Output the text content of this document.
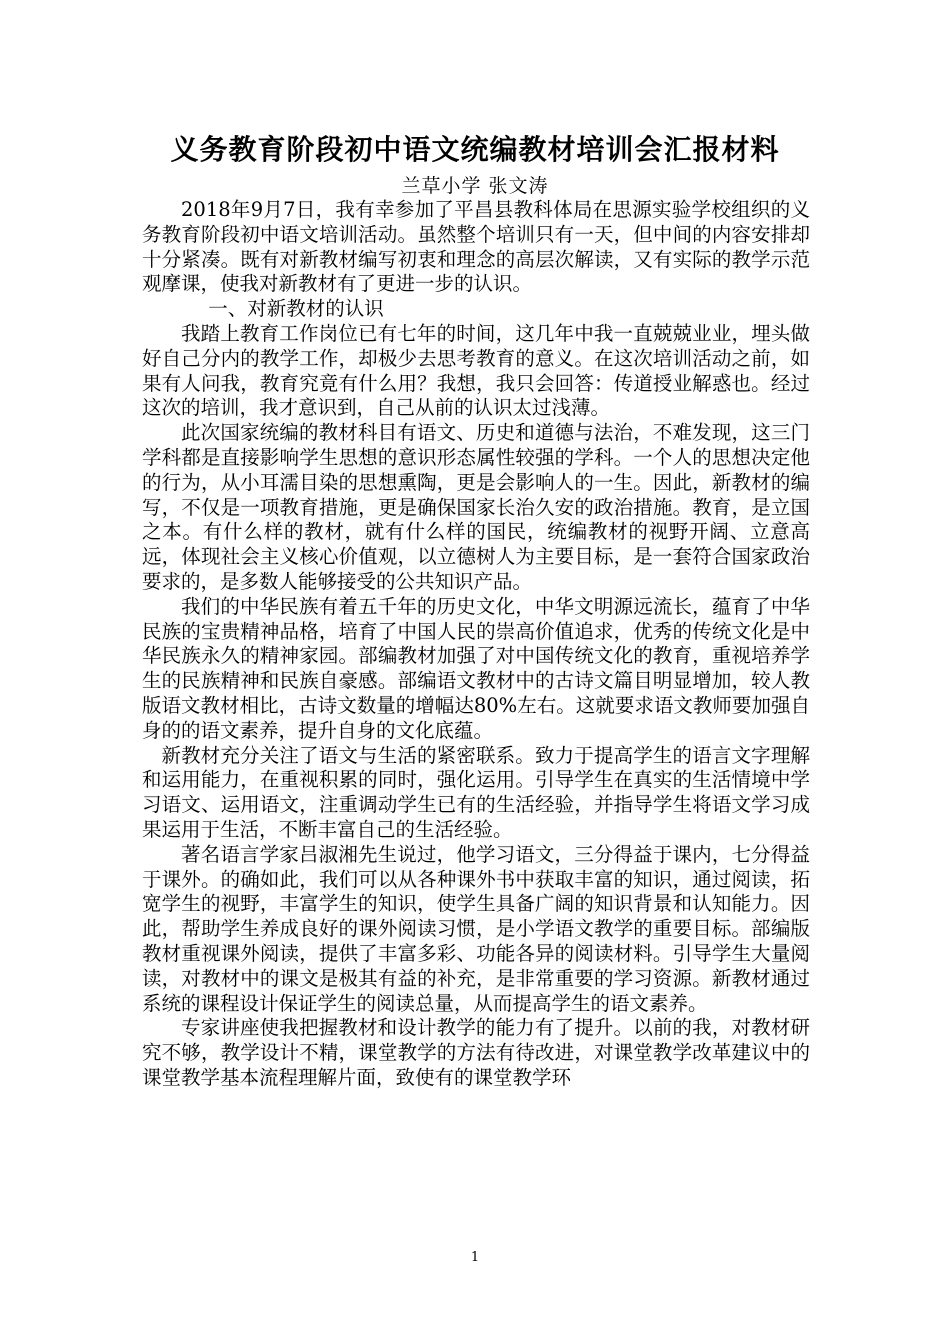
义务教育阶段初中语文统编教材培训会汇报材料
兰草小学 张文涛

2018年9月7日，我有幸参加了平昌县教科体局在思源实验学校组织的义务教育阶段初中语文培训活动。虽然整个培训只有一天，但中间的内容安排却十分紧凑。既有对新教材编写初衷和理念的高层次解读，又有实际的教学示范观摩课，使我对新教材有了更进一步的认识。

一、对新教材的认识

我踏上教育工作岗位已有七年的时间，这几年中我一直兢兢业业，埋头做好自己分内的教学工作，却极少去思考教育的意义。在这次培训活动之前，如果有人问我，教育究竟有什么用？我想，我只会回答：传道授业解惑也。经过这次的培训，我才意识到，自己从前的认识太过浅薄。

此次国家统编的教材科目有语文、历史和道德与法治，不难发现，这三门学科都是直接影响学生思想的意识形态属性较强的学科。一个人的思想决定他的行为，从小耳濡目染的思想熏陶，更是会影响人的一生。因此，新教材的编写，不仅是一项教育措施，更是确保国家长治久安的政治措施。教育，是立国之本。有什么样的教材，就有什么样的国民，统编教材的视野开阔、立意高远，体现社会主义核心价值观，以立德树人为主要目标，是一套符合国家政治要求的，是多数人能够接受的公共知识产品。

我们的中华民族有着五千年的历史文化，中华文明源远流长，蕴育了中华民族的宝贵精神品格，培育了中国人民的崇高价值追求，优秀的传统文化是中华民族永久的精神家园。部编教材加强了对中国传统文化的教育，重视培养学生的民族精神和民族自豪感。部编语文教材中的古诗文篇目明显增加，较人教版语文教材相比，古诗文数量的增幅达80%左右。这就要求语文教师要加强自身的的语文素养，提升自身的文化底蕴。

新教材充分关注了语文与生活的紧密联系。致力于提高学生的语言文字理解和运用能力，在重视积累的同时，强化运用。引导学生在真实的生活情境中学习语文、运用语文，注重调动学生已有的生活经验，并指导学生将语文学习成果运用于生活，不断丰富自己的生活经验。

著名语言学家吕淑湘先生说过，他学习语文，三分得益于课内，七分得益于课外。的确如此，我们可以从各种课外书中获取丰富的知识，通过阅读，拓宽学生的视野，丰富学生的知识，使学生具备广阔的知识背景和认知能力。因此，帮助学生养成良好的课外阅读习惯，是小学语文教学的重要目标。部编版教材重视课外阅读，提供了丰富多彩、功能各异的阅读材料。引导学生大量阅读，对教材中的课文是极其有益的补充，是非常重要的学习资源。新教材通过系统的课程设计保证学生的阅读总量，从而提高学生的语文素养。

专家讲座使我把握教材和设计教学的能力有了提升。以前的我，对教材研究不够，教学设计不精，课堂教学的方法有待改进，对课堂教学改革建议中的课堂教学基本流程理解片面，致使有的课堂教学环

1
